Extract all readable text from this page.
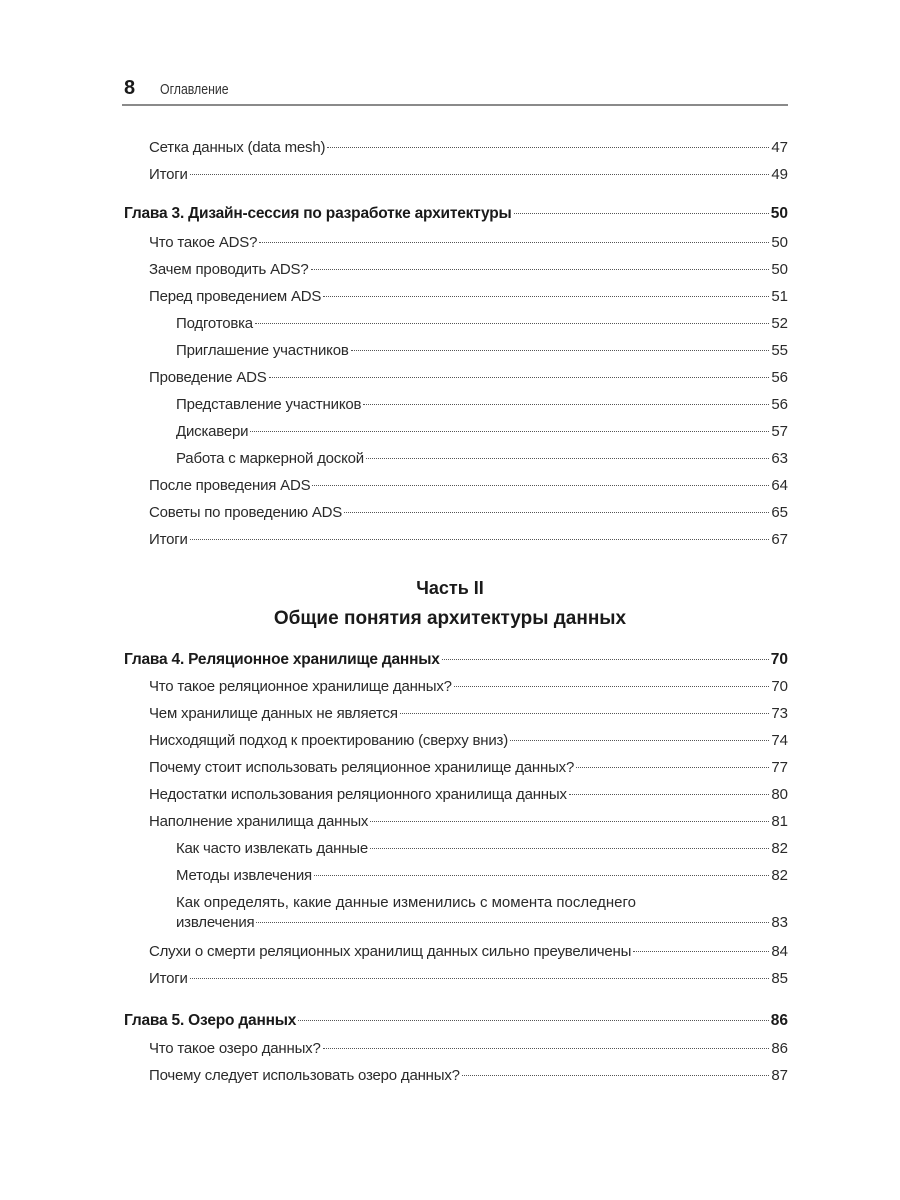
8 Оглавление
Сетка данных (data mesh)	47
Итоги	49
Глава 3. Дизайн-сессия по разработке архитектуры	50
Что такое ADS?	50
Зачем проводить ADS?	50
Перед проведением ADS	51
Подготовка	52
Приглашение участников	55
Проведение ADS	56
Представление участников	56
Дискавери	57
Работа с маркерной доской	63
После проведения ADS	64
Советы по проведению ADS	65
Итоги	67
Часть II
Общие понятия архитектуры данных
Глава 4. Реляционное хранилище данных	70
Что такое реляционное хранилище данных?	70
Чем хранилище данных не является	73
Нисходящий подход к проектированию (сверху вниз)	74
Почему стоит использовать реляционное хранилище данных?	77
Недостатки использования реляционного хранилища данных	80
Наполнение хранилища данных	81
Как часто извлекать данные	82
Методы извлечения	82
Как определять, какие данные изменились с момента последнего
извлечения	83
Слухи о смерти реляционных хранилищ данных сильно преувеличены	84
Итоги	85
Глава 5. Озеро данных	86
Что такое озеро данных?	86
Почему следует использовать озеро данных?	87
